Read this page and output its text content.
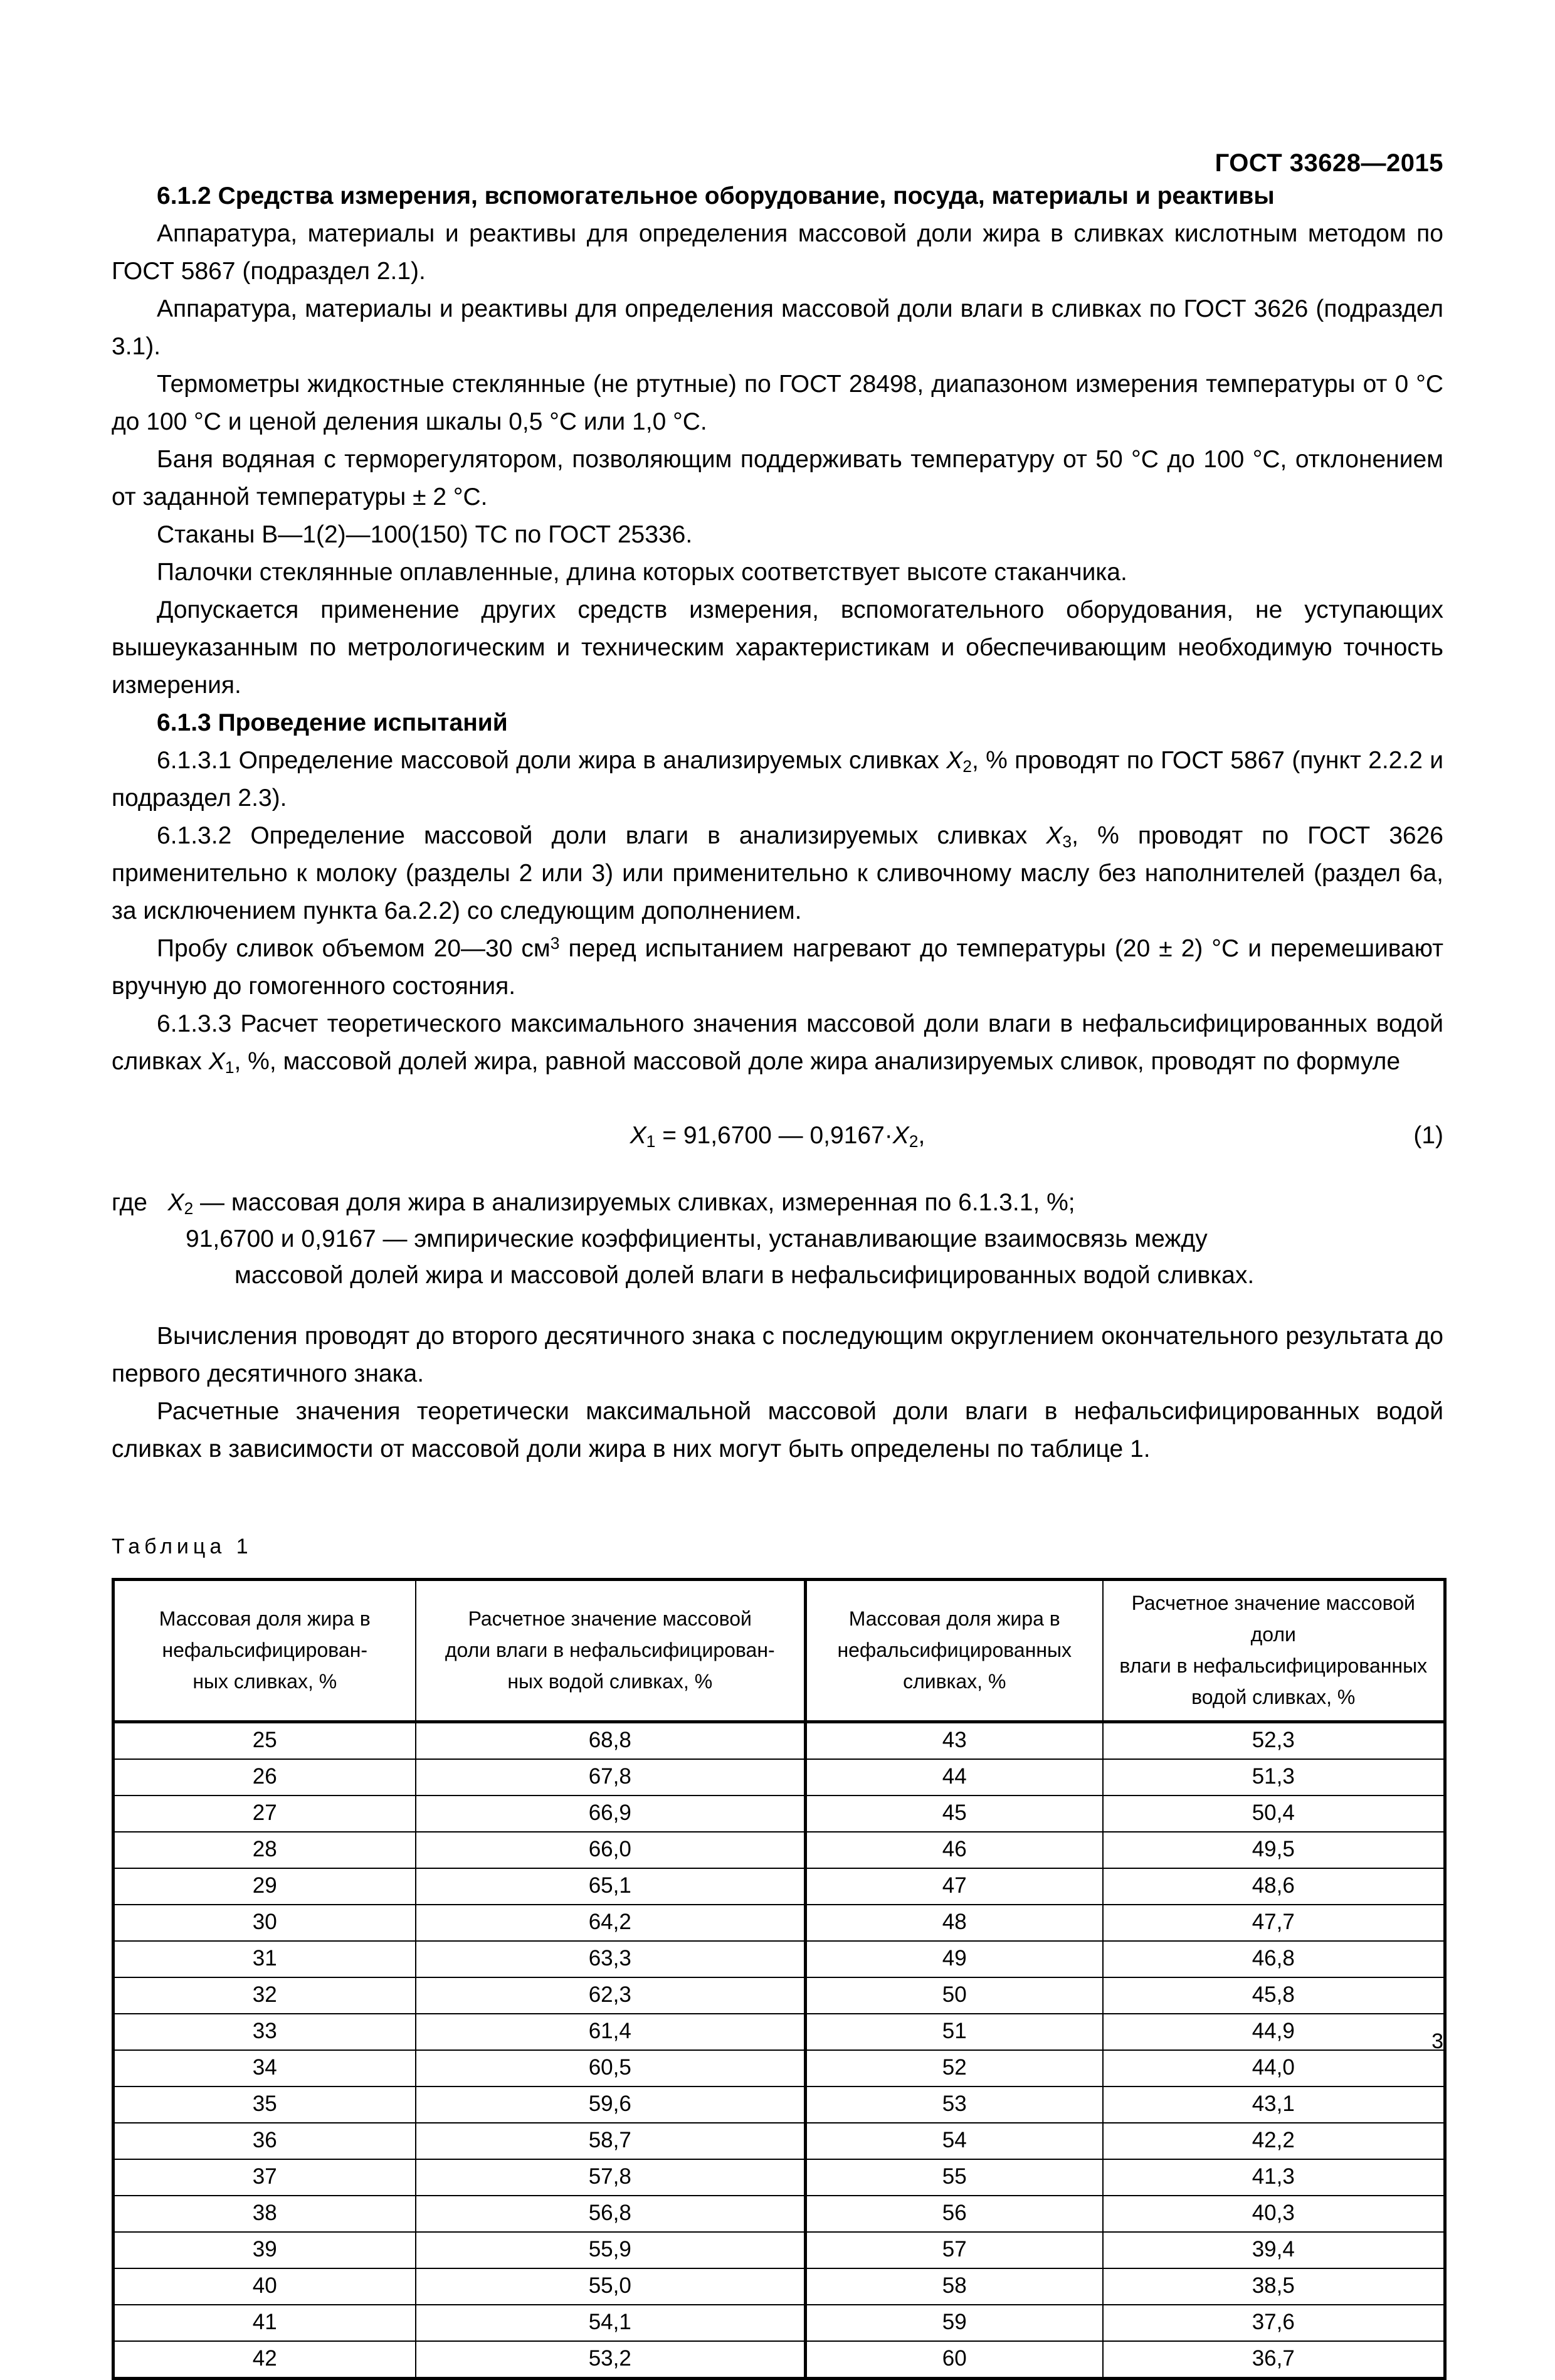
ГОСТ 33628—2015

6.1.2 Средства измерения, вспомогательное оборудование, посуда, материалы и реактивы

Аппаратура, материалы и реактивы для определения массовой доли жира в сливках кислотным методом по ГОСТ 5867 (подраздел 2.1).

Аппаратура, материалы и реактивы для определения массовой доли влаги в сливках по ГОСТ 3626 (подраздел 3.1).

Термометры жидкостные стеклянные (не ртутные) по ГОСТ 28498, диапазоном измерения температуры от 0 °С до 100 °С и ценой деления шкалы 0,5 °С или 1,0 °С.

Баня водяная с терморегулятором, позволяющим поддерживать температуру от 50 °С до 100 °С, отклонением от заданной температуры ± 2 °С.

Стаканы В—1(2)—100(150) ТС по ГОСТ 25336.

Палочки стеклянные оплавленные, длина которых соответствует высоте стаканчика.

Допускается применение других средств измерения, вспомогательного оборудования, не уступающих вышеуказанным по метрологическим и техническим характеристикам и обеспечивающим необходимую точность измерения.

6.1.3 Проведение испытаний

6.1.3.1 Определение массовой доли жира в анализируемых сливках $X_2$, % проводят по ГОСТ 5867 (пункт 2.2.2 и подраздел 2.3).

6.1.3.2 Определение массовой доли влаги в анализируемых сливках $X_3$, % проводят по ГОСТ 3626 применительно к молоку (разделы 2 или 3) или применительно к сливочному маслу без наполнителей (раздел 6а, за исключением пункта 6а.2.2) со следующим дополнением.

Пробу сливок объемом 20—30 $см^3$ перед испытанием нагревают до температуры (20 ± 2) °С и перемешивают вручную до гомогенного состояния.

6.1.3.3 Расчет теоретического максимального значения массовой доли влаги в нефальсифицированных водой сливках $X_1$, %, массовой долей жира, равной массовой доле жира анализируемых сливок, проводят по формуле

$X_1 = 91,6700$ — $0,9167\cdot X_2$,	(1)
где $X_2$ — массовая доля жира в анализируемых сливках, измеренная по 6.1.3.1, %;
91,6700 и 0,9167 — эмпирические коэффициенты, устанавливающие взаимосвязь между
массовой долей жира и массовой долей влаги в нефальсифицированных водой сливках.

Вычисления проводят до второго десятичного знака с последующим округлением окончательного результата до первого десятичного знака.

Расчетные значения теоретически максимальной массовой доли влаги в нефальсифицированных водой сливках в зависимости от массовой доли жира в них могут быть определены по таблице 1.

Таблица 1
Массовая доля жира в
нефальсифицирован-
ных сливках, %

Расчетное значение массовой
доли влаги в нефальсифицирован-
ных водой сливках, %

Массовая доля жира в
нефальсифицированных
сливках, %

Расчетное значение массовой доли
влаги в нефальсифицированных
водой сливках, %

25	68,8	43	52,3
26	67,8	44	51,3
27	66,9	45	50,4
28	66,0	46	49,5
29	65,1	47	48,6
30	64,2	48	47,7
31	63,3	49	46,8
32	62,3	50	45,8
33	61,4	51	44,9
34	60,5	52	44,0
35	59,6	53	43,1
36	58,7	54	42,2
37	57,8	55	41,3
38	56,8	56	40,3
39	55,9	57	39,4
40	55,0	58	38,5
41	54,1	59	37,6
42	53,2	60	36,7
3
